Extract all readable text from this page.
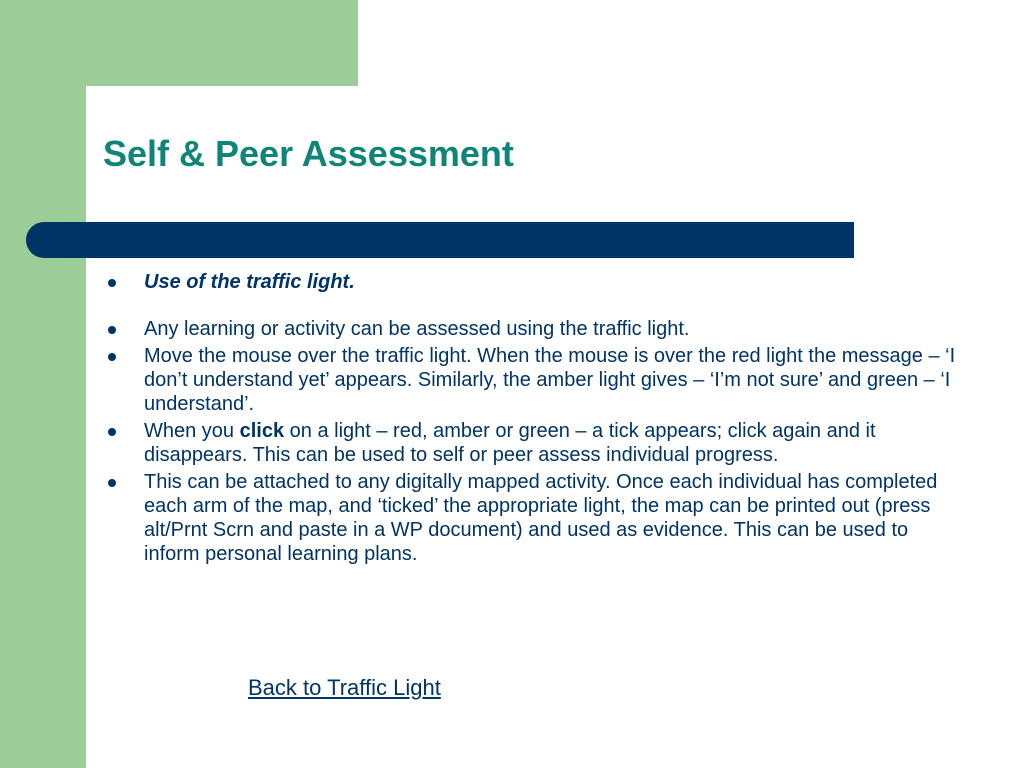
Self & Peer Assessment
Use of the traffic light.
Any learning or activity can be assessed using the traffic light.
Move the mouse over the traffic light. When the mouse is over the red light the message – ‘I don’t understand yet’ appears. Similarly, the amber light gives – ‘I’m not sure’ and green – ‘I understand’.
When you click on a light – red, amber or green – a tick appears; click again and it disappears. This can be used to self or peer assess individual progress.
This can be attached to any digitally mapped activity. Once each individual has completed each arm of the map, and ‘ticked’ the appropriate light, the map can be printed out (press alt/Prnt Scrn and paste in a WP document) and used as evidence. This can be used to inform personal learning plans.
Back to Traffic Light
